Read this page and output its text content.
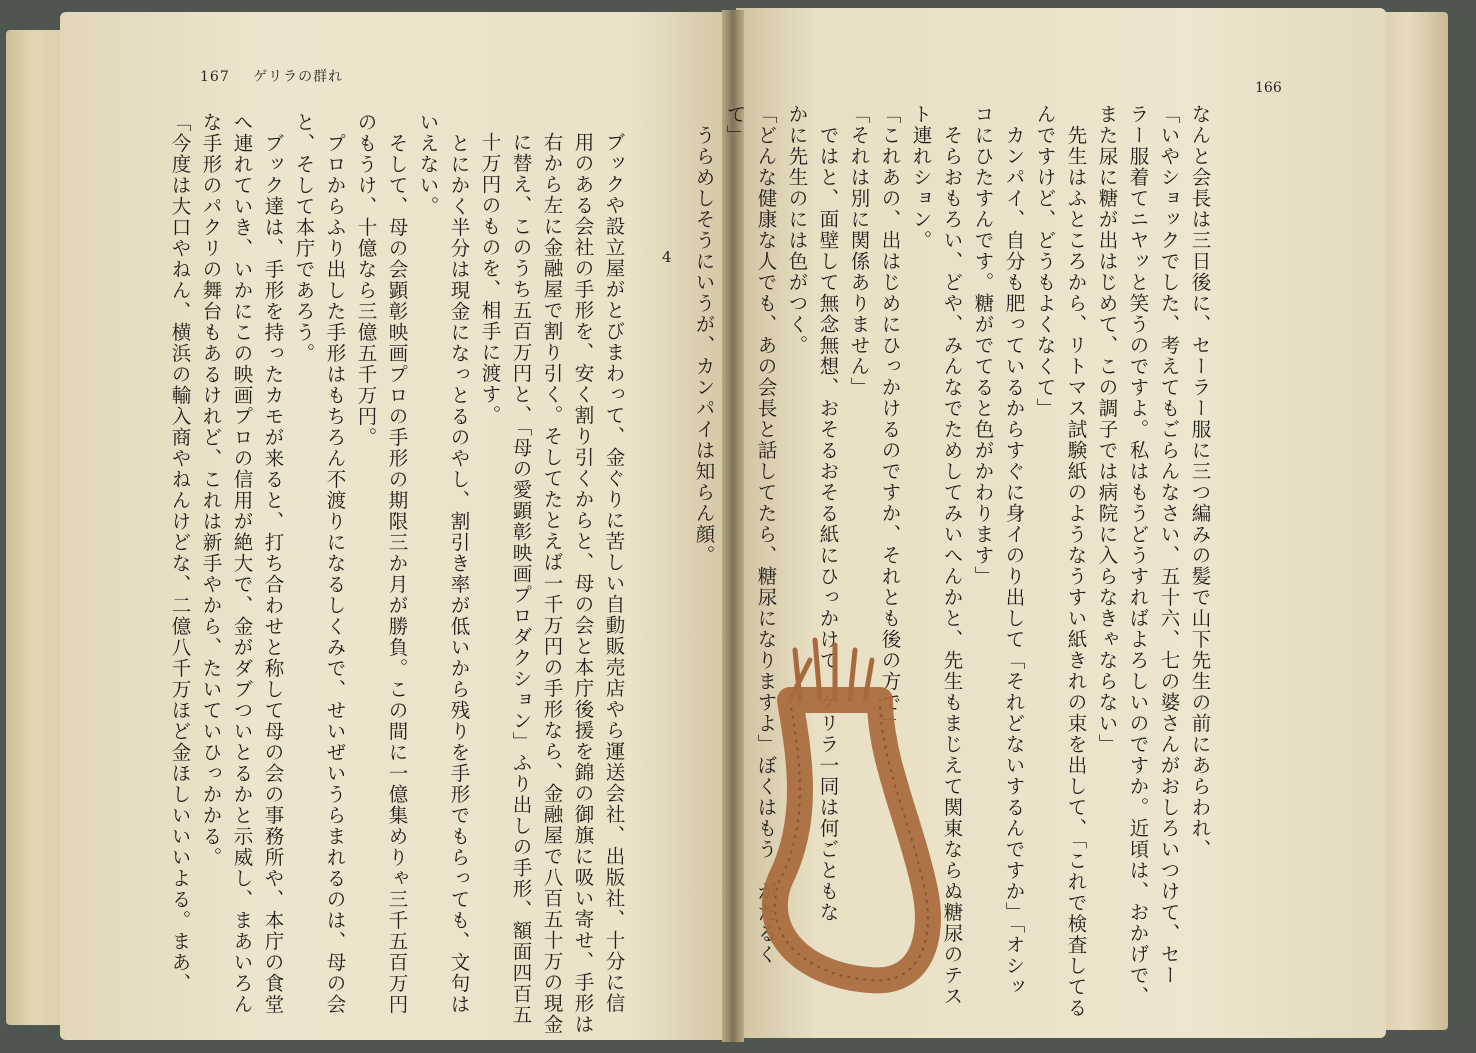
167 ゲリラの群れ
4
166
ブックや設立屋がとびまわって、金ぐりに苦しい自動販売店やら運送会社、出版社、十分に信
用のある会社の手形を、安く割り引くからと、母の会と本庁後援を錦の御旗に吸い寄せ、手形は
右から左に金融屋で割り引く。そしてたとえば一千万円の手形なら、金融屋で八百五十万の現金
に替え、このうち五百万円と、「母の愛顕彰映画プロダクション」ふり出しの手形、額面四百五
十万円のものを、相手に渡す。
　とにかく半分は現金になっとるのやし、割引き率が低いから残りを手形でもらっても、文句は
いえない。
　そして、母の会顕彰映画プロの手形の期限三か月が勝負。この間に一億集めりゃ三千五百万円
のもうけ、十億なら三億五千万円。
　プロからふり出した手形はもちろん不渡りになるしくみで、せいぜいうらまれるのは、母の会
と、そして本庁であろう。
　ブック達は、手形を持ったカモが来ると、打ち合わせと称して母の会の事務所や、本庁の食堂
へ連れていき、いかにこの映画プロの信用が絶大で、金がダブついとるかと示威し、まあいろん
な手形のパクリの舞台もあるけれど、これは新手やから、たいていひっかかる。
「今度は大口やねん、横浜の輸入商やねんけどな、二億八千万ほど金ほしいいいよる。まあ、	なんと会長は三日後に、セーラー服に三つ編みの髪で山下先生の前にあらわれ、
「いやショックでした、考えてもごらんなさい、五十六、七の婆さんがおしろいつけて、セー
ラー服着てニヤッと笑うのですよ。私はもうどうすればよろしいのですか。近頃は、おかげで、
また尿に糖が出はじめて、この調子では病院に入らなきゃならない」
　先生はふところから、リトマス試験紙のようなうすい紙きれの束を出して、「これで検査してる
んですけど、どうもよくなくて」
　カンパイ、自分も肥っているからすぐに身イのり出して「それどないするんですか」「オシッ
コにひたすんです。糖がでてると色がかわります」
　そらおもろい、どや、みんなでためしてみいへんかと、先生もまじえて関東ならぬ糖尿のテス
ト連れション。
「これあの、出はじめにひっかけるのですか、それとも後の方で」
「それは別に関係ありません」
　ではと、面壁して無念無想、おそるおそる紙にひっかけて、ゲリラ一同は何ごともな
かに先生のには色がつく。
「どんな健康な人でも、あの会長と話してたら、糖尿になりますよ」ぼくはもう　がだるく
て」
　うらめしそうにいうが、カンパイは知らん顔。
